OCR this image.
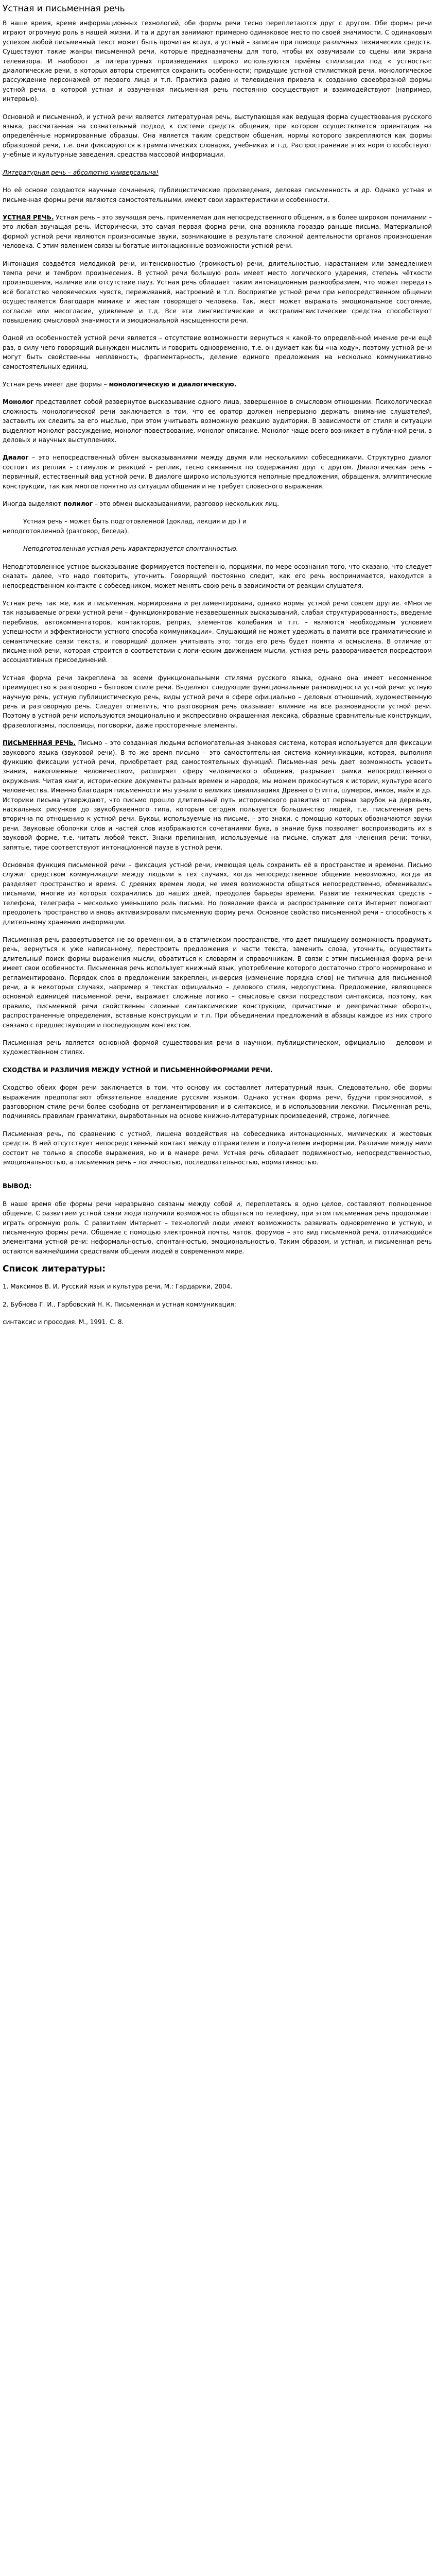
Устная и письменная речь

В наше время, время информационных технологий, обе формы речи тесно переплетаются друг с другом. Обе формы речи играют огромную роль в нашей жизни. И та и другая занимают примерно одинаковое место по своей значимости. С одинаковым успехом любой письменный текст может быть прочитан вслух, а устный – записан при помощи различных технических средств. Существуют такие жанры письменной речи, которые предназначены для того, чтобы их озвучивали со сцены или экрана телевизора. И наоборот ,в литературных произведениях широко используются приёмы стилизации под « устность»: диалогические речи, в которых авторы стремятся сохранить особенности; придущие устной стилистикой речи, монологическое рассуждение персонажей от первого лица и т.п. Практика радио и телевидения привела к созданию своеобразной формы устной речи, в которой устная и озвученная письменная речь постоянно сосуществуют и взаимодействуют (например, интервью).

Основной и письменной, и устной речи является литературная речь, выступающая как ведущая форма существования русского языка, рассчитанная на сознательный подход к системе средств общения, при котором осуществляется ориентация на определённые нормированные образцы. Она является таким средством общения, нормы которого закрепляются как формы образцовой речи, т.е. они фиксируются в грамматических словарях, учебниках и т.д. Распространение этих норм способствуют учебные и культурные заведения, средства массовой информации.

Литературная речь – абсолютно универсальна!

Но её основе создаются научные сочинения, публицистические произведения, деловая письменность и др. Однако устная и письменная формы речи являются самостоятельными, имеют свои характеристики и особенности.

УСТНАЯ РЕЧЬ. Устная речь – это звучащая речь, применяемая для непосредственного общения, а в более широком понимании – это любая звучащая речь. Исторически, это самая первая форма речи, она возникла гораздо раньше письма. Материальной формой устной речи являются произносимые звуки, возникающие в результате сложной деятельности органов произношения человека. С этим явлением связаны богатые интонационные возможности устной речи.

Интонация создаётся мелодикой речи, интенсивностью (громкостью) речи, длительностью, нарастанием или замедлением темпа речи и тембром произнесения. В устной речи большую роль имеет место логического ударения, степень чёткости произношения, наличие или отсутствие пауз. Устная речь обладает таким интонационным разнообразием, что может передать всё богатство человеческих чувств, переживаний, настроений и т.п. Восприятие устной речи при непосредственном общении осуществляется благодаря мимике и жестам говорящего человека. Так, жест может выражать эмоциональное состояние, согласие или несогласие, удивление и т.д. Все эти лингвистические и экстралингвистические средства способствуют повышению смысловой значимости и эмоциональной насыщенности речи.

Одной из особенностей устной речи является – отсутствие возможности вернуться к какой-то определённой мнение речи ещё раз, в силу чего говорящий вынужден мыслить и говорить одновременно, т.е. он думает как бы «на ходу», поэтому устной речи могут быть свойственны неплавность, фрагментарность, деление единого предложения на несколько коммуникативно самостоятельных единиц.

Устная речь имеет две формы – монологическую и диалогическую.

Монолог представляет собой развернутое высказывание одного лица, завершенное в смысловом отношении. Психологическая сложность монологической речи заключается в том, что ее оратор должен непрерывно держать внимание слушателей, заставить их следить за его мыслью, при этом учитывать возможную реакцию аудитории. В зависимости от стиля и ситуации выделяют монолог-рассуждение, монолог-повествование, монолог-описание. Монолог чаще всего возникает в публичной речи, в деловых и научных выступлениях.

Диалог – это непосредственный обмен высказываниями между двумя или несколькими собеседниками. Структурно диалог состоит из реплик – стимулов и реакций – реплик, тесно связанных по содержанию друг с другом. Диалогическая речь – первичный, естественный вид устной речи. В диалоге широко используются неполные предложения, обращения, эллиптические конструкции, так как многое понятно из ситуации общения и не требует словесного выражения.

Иногда выделяют полилог – это обмен высказываниями, разговор нескольких лиц.

Устная речь – может быть подготовленной (доклад, лекция и др.) и

неподготовленной (разговор, беседа).

Неподготовленная устная речь характеризуется спонтанностью.

Неподготовленное устное высказывание формируется постепенно, порциями, по мере осознания того, что сказано, что следует сказать далее, что надо повторить, уточнить. Говорящий постоянно следит, как его речь воспринимается, находится в непосредственном контакте с собеседником, может менять свою речь в зависимости от реакции слушателя.

Устная речь так же, как и письменная, нормирована и регламентирована, однако нормы устной речи совсем другие. «Многие так называемые огрехи устной речи – функционирование незавершенных высказываний, слабая структурированность, введение перебивов, автокомментаторов, контакторов, реприз, элементов колебания и т.п. – являются необходимым условием успешности и эффективности устного способа коммуникации». Слушающий не может удержать в памяти все грамматические и семантические связи текста, и говорящий должен учитывать это; тогда его речь будет понята и осмыслена. В отличие от письменной речи, которая строится в соответствии с логическим движением мысли, устная речь разворачивается посредством ассоциативных присоединений.

Устная форма речи закреплена за всеми функциональными стилями русского языка, однако она имеет несомненное преимущество в разговорно – бытовом стиле речи. Выделяют следующие функциональные разновидности устной речи: устную научную речь, устную публицистическую речь, виды устной речи в сфере официально – деловых отношений, художественную речь и разговорную речь. Следует отметить, что разговорная речь оказывает влияние на все разновидности устной речи. Поэтому в устной речи используются эмоционально и экспрессивно окрашенная лексика, образные сравнительные конструкции, фразеологизмы, пословицы, поговорки, даже просторечные элементы.

ПИСЬМЕННАЯ РЕЧЬ. Письмо – это созданная людьми вспомогательная знаковая система, которая используется для фиксации звукового языка (звуковой речи). В то же время письмо – это самостоятельная система коммуникации, которая, выполняя функцию фиксации устной речи, приобретает ряд самостоятельных функций. Письменная речь дает возможность усвоить знания, накопленные человечеством, расширяет сферу человеческого общения, разрывает рамки непосредственного окружения. Читая книги, исторические документы разных времен и народов, мы можем прикоснуться к истории, культуре всего человечества. Именно благодаря письменности мы узнали о великих цивилизациях Древнего Египта, шумеров, инков, майя и др. Историки письма утверждают, что письмо прошло длительный путь исторического развития от первых зарубок на деревьях, наскальных рисунков до звукобуквенного типа, которым сегодня пользуется большинство людей, т.е. письменная речь вторична по отношению к устной речи. Буквы, используемые на письме, – это знаки, с помощью которых обозначаются звуки речи. Звуковые оболочки слов и частей слов изображаются сочетаниями букв, а знание букв позволяет воспроизводить их в звуковой форме, т.е. читать любой текст. Знаки препинания, используемые на письме, служат для членения речи: точки, запятые, тире соответствуют интонационной паузе в устной речи.

Основная функция письменной речи – фиксация устной речи, имеющая цель сохранить её в пространстве и времени. Письмо служит средством коммуникации между людьми в тех случаях, когда непосредственное общение невозможно, когда их разделяет пространство и время. С древних времен люди, не имея возможности общаться непосредственно, обменивались письмами, многие из которых сохранились до наших дней, преодолев барьеры времени. Развитие технических средств – телефона, телеграфа – несколько уменьшило роль письма. Но появление факса и распространение сети Интернет помогают преодолеть пространство и вновь активизировали письменную форму речи. Основное свойство письменной речи – способность к длительному хранению информации.

Письменная речь развертывается не во временном, а в статическом пространстве, что дает пишущему возможность продумать речь, вернуться к уже написанному, перестроить предложения и части текста, заменить слова, уточнить, осуществить длительный поиск формы выражения мысли, обратиться к словарям и справочникам. В связи с этим письменная форма речи имеет свои особенности. Письменная речь использует книжный язык, употребление которого достаточно строго нормировано и регламентировано. Порядок слов в предложении закреплен, инверсия (изменение порядка слов) не типична для письменной речи, а в некоторых случаях, например в текстах официально – делового стиля, недопустима. Предложение, являющееся основной единицей письменной речи, выражает сложные логико – смысловые связи посредством синтаксиса, поэтому, как правило, письменной речи свойственны сложные синтаксические конструкции, причастные и деепричастные обороты, распространенные определения, вставные конструкции и т.п. При объединении предложений в абзацы каждое из них строго связано с предшествующим и последующим контекстом.

Письменная речь является основной формой существования речи в научном, публицистическом, официально – деловом и художественном стилях.

СХОДСТВА И РАЗЛИЧИЯ МЕЖДУ УСТНОЙ И ПИСЬМЕННОЙФОРМАМИ РЕЧИ.

Сходство обеих форм речи заключается в том, что основу их составляет литературный язык. Следовательно, обе формы выражения предполагают обязательное владение русским языком. Однако устная форма речи, будучи произносимой, в разговорном стиле речи более свободна от регламентирования и в синтаксисе, и в использовании лексики. Письменная речь, подчиняясь правилам грамматики, выработанных на основе книжно-литературных произведений, строже, логичнее.

Письменная речь, по сравнению с устной, лишена воздействия на собеседника интонационных, мимических и жестовых средств. В ней отсутствует непосредственный контакт между отправителем и получателем информации. Различие между ними состоит не только в способе выражения, но и в манере речи. Устная речь обладает подвижностью, непосредственностью, эмоциональностью, а письменная речь – логичностью, последовательностью, нормативностью.

ВЫВОД:

В наше время обе формы речи неразрывно связаны между собой и, переплетаясь в одно целое, составляют полноценное общение. С развитием устной связи люди получили возможность общаться по телефону, при этом письменная речь продолжает играть огромную роль. С развитием Интернет – технологий люди имеют возможность развивать одновременно и устную, и письменную формы речи. Общение с помощью электронной почты, чатов, форумов – это вид письменной речи, отличающийся элементами устной речи: неформальностью, спонтанностью, эмоциональностью. Таким образом, и устная, и письменная речь остаются важнейшими средствами общения людей в современном мире.

Список литературы:

1. Максимов В. И. Русский язык и культура речи, М.: Гардарики, 2004.

2. Бубнова Г. И., Гарбовский Н. К. Письменная и устная коммуникация:

синтаксис и просодия. М., 1991. С. 8.
